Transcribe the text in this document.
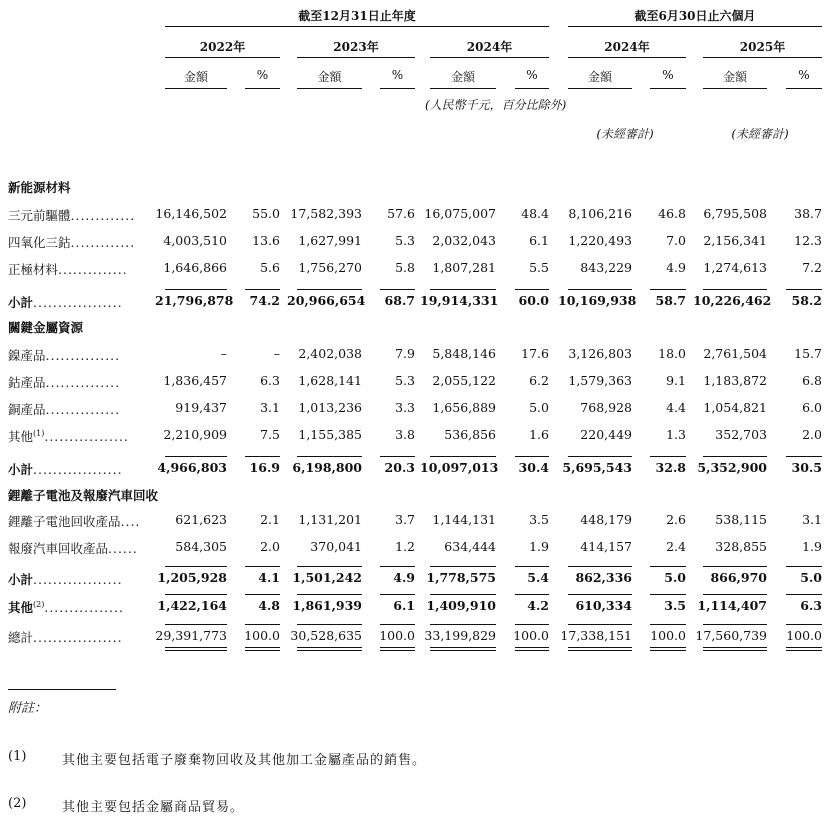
截至12月31日止年度	截至6月30日止六個月
2022年	2023年	2024年	2024年	2025年
金額	%	金額	%	金額	%	金額	%	金額	%
(人民幣千元，百分比除外)
(未經審計)	(未經審計)
新能源材料
三元前驅體............. 16,146,502	55.0 17,582,393	57.6 16,075,007	48.4	8,106,216	46.8	6,795,508	38.7
四氧化三鈷.............	4,003,510	13.6	1,627,991	5.3	2,032,043	6.1	1,220,493	7.0	2,156,341	12.3
正極材料..............	1,646,866	5.6	1,756,270	5.8	1,807,281	5.5	843,229	4.9	1,274,613	7.2
小計..................	21,796,878	74.2 20,966,654	68.7 19,914,331	60.0 10,169,938	58.7 10,226,462	58.2
關鍵金屬資源
鎳產品...............	–	–	2,402,038	7.9	5,848,146	17.6	3,126,803	18.0	2,761,504	15.7
鈷產品...............	1,836,457	6.3	1,628,141	5.3	2,055,122	6.2	1,579,363	9.1	1,183,872	6.8
銅產品...............	919,437	3.1	1,013,236	3.3	1,656,889	5.0	768,928	4.4	1,054,821	6.0
其他$^{(1)}$.................	2,210,909	7.5	1,155,385	3.8	536,856	1.6	220,449	1.3	352,703	2.0
小計..................	4,966,803	16.9 6,198,800	20.3 10,097,013	30.4	5,695,543	32.8 5,352,900	30.5
鋰離子電池及報廢汽車回收
鋰離子電池回收產品....	621,623	2.1	1,131,201	3.7	1,144,131	3.5	448,179	2.6	538,115	3.1
報廢汽車回收產品......	584,305	2.0	370,041	1.2	634,444	1.9	414,157	2.4	328,855	1.9
小計..................	1,205,928	4.1 1,501,242	4.9 1,778,575	5.4	862,336	5.0	866,970	5.0
其他$^{(2)}$................	1,422,164	4.8 1,861,939	6.1 1,409,910	4.2	610,334	3.5 1,114,407	6.3
總計..................	29,391,773	100.0 30,528,635	100.0 33,199,829	100.0 17,338,151	100.0 17,560,739	100.0
附註：
(1)	其他主要包括電子廢棄物回收及其他加工金屬產品的銷售。
(2)	其他主要包括金屬商品貿易。
